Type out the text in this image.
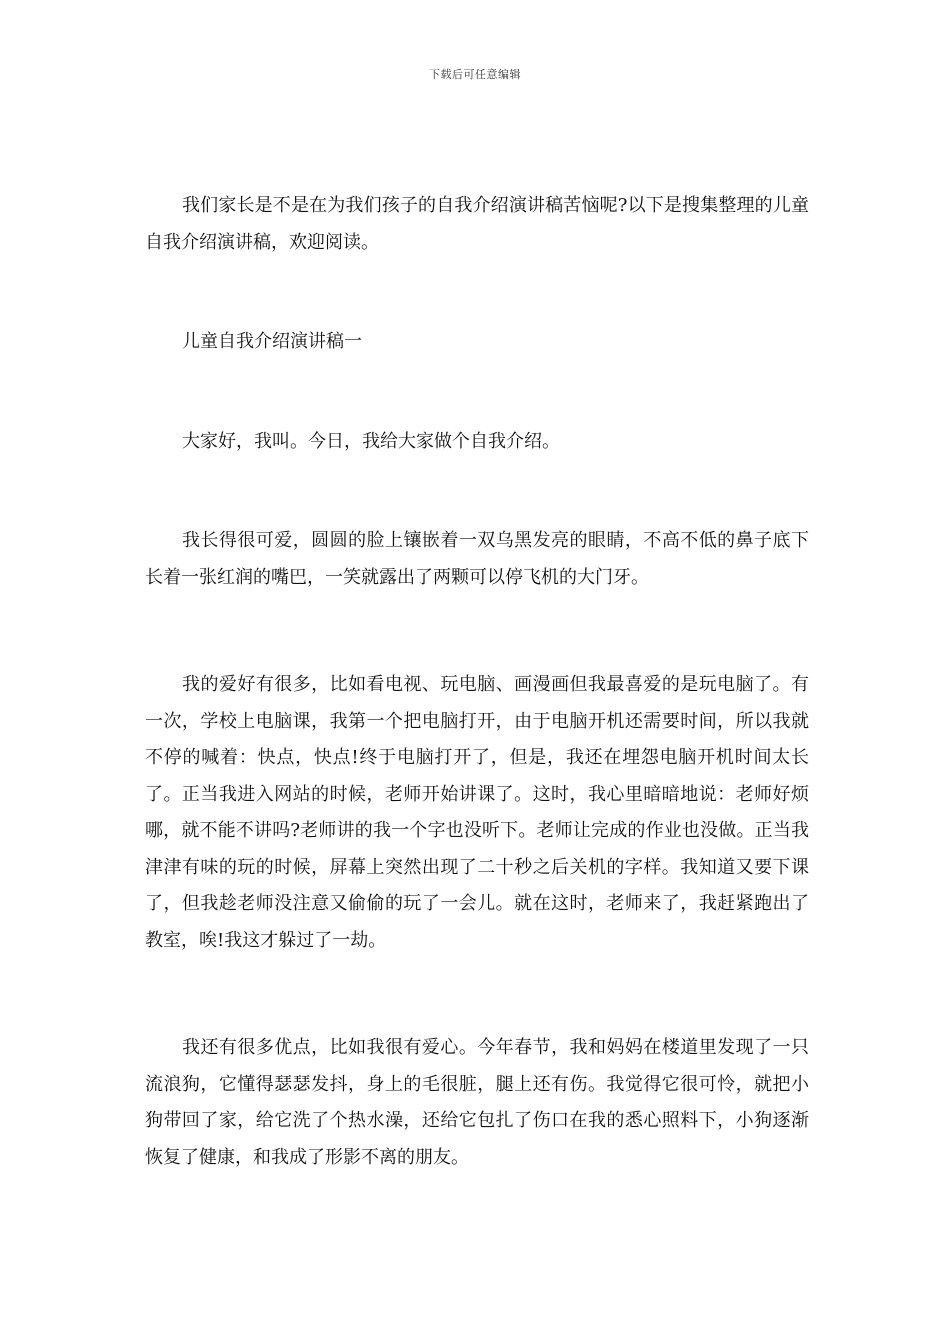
下载后可任意编辑

我们家长是不是在为我们孩子的自我介绍演讲稿苦恼呢?以下是搜集整理的儿童自我介绍演讲稿，欢迎阅读。

儿童自我介绍演讲稿一

大家好，我叫。今日，我给大家做个自我介绍。

我长得很可爱，圆圆的脸上镶嵌着一双乌黑发亮的眼睛，不高不低的鼻子底下长着一张红润的嘴巴，一笑就露出了两颗可以停飞机的大门牙。

我的爱好有很多，比如看电视、玩电脑、画漫画但我最喜爱的是玩电脑了。有一次，学校上电脑课，我第一个把电脑打开，由于电脑开机还需要时间，所以我就不停的喊着：快点，快点!终于电脑打开了，但是，我还在埋怨电脑开机时间太长了。正当我进入网站的时候，老师开始讲课了。这时，我心里暗暗地说：老师好烦哪，就不能不讲吗?老师讲的我一个字也没听下。老师让完成的作业也没做。正当我津津有味的玩的时候，屏幕上突然出现了二十秒之后关机的字样。我知道又要下课了，但我趁老师没注意又偷偷的玩了一会儿。就在这时，老师来了，我赶紧跑出了教室，唉!我这才躲过了一劫。

我还有很多优点，比如我很有爱心。今年春节，我和妈妈在楼道里发现了一只流浪狗，它懂得瑟瑟发抖，身上的毛很脏，腿上还有伤。我觉得它很可怜，就把小狗带回了家，给它洗了个热水澡，还给它包扎了伤口在我的悉心照料下，小狗逐渐恢复了健康，和我成了形影不离的朋友。
